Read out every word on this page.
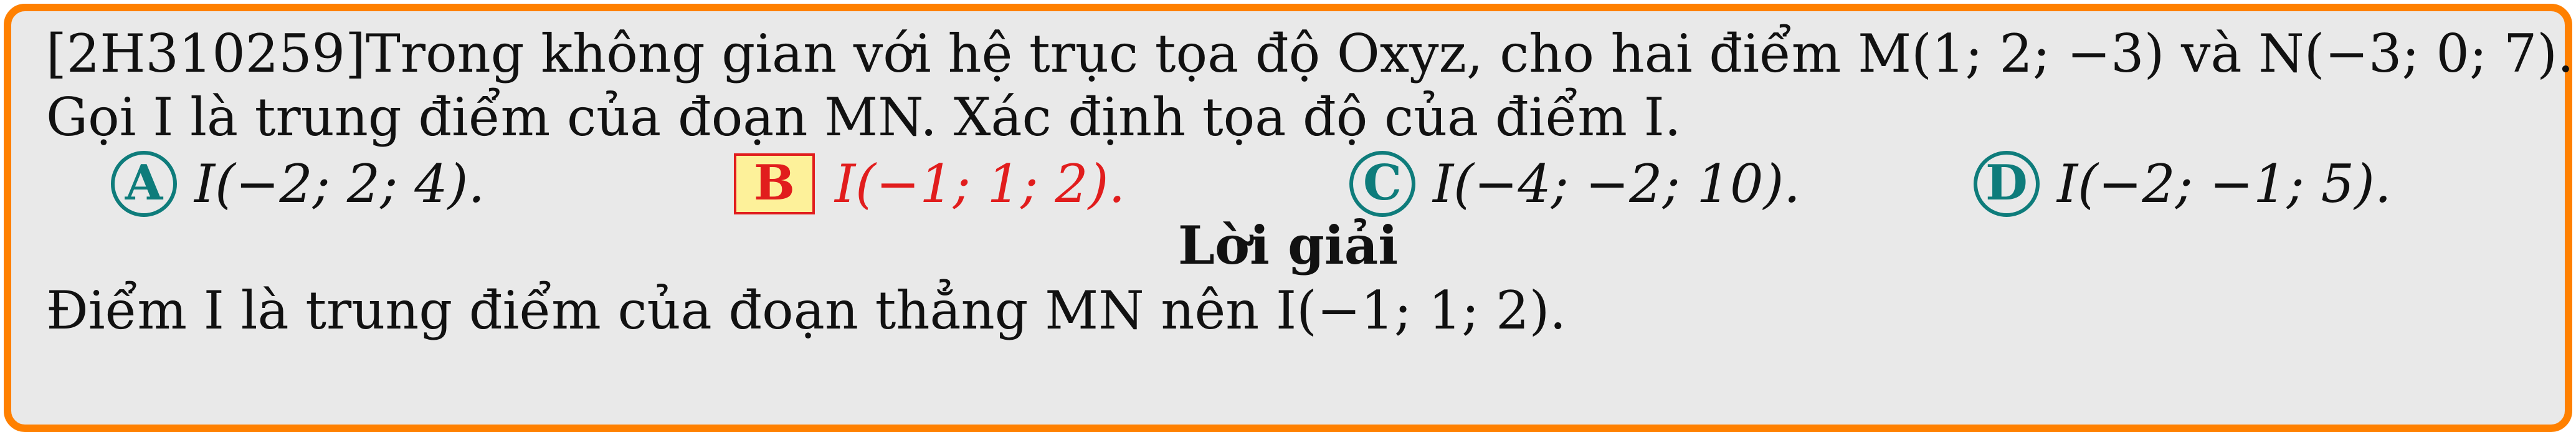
[2H310259]Trong không gian với hệ trục tọa độ Oxyz, cho hai điểm M(1; 2; −3) và N(−3; 0; 7).
Gọi I là trung điểm của đoạn MN. Xác định tọa độ của điểm I.
A I(−2; 2; 4).	B I(−1; 1; 2).	C I(−4; −2; 10).	D I(−2; −1; 5).
Lời giải
Điểm I là trung điểm của đoạn thẳng MN nên I(−1; 1; 2).
